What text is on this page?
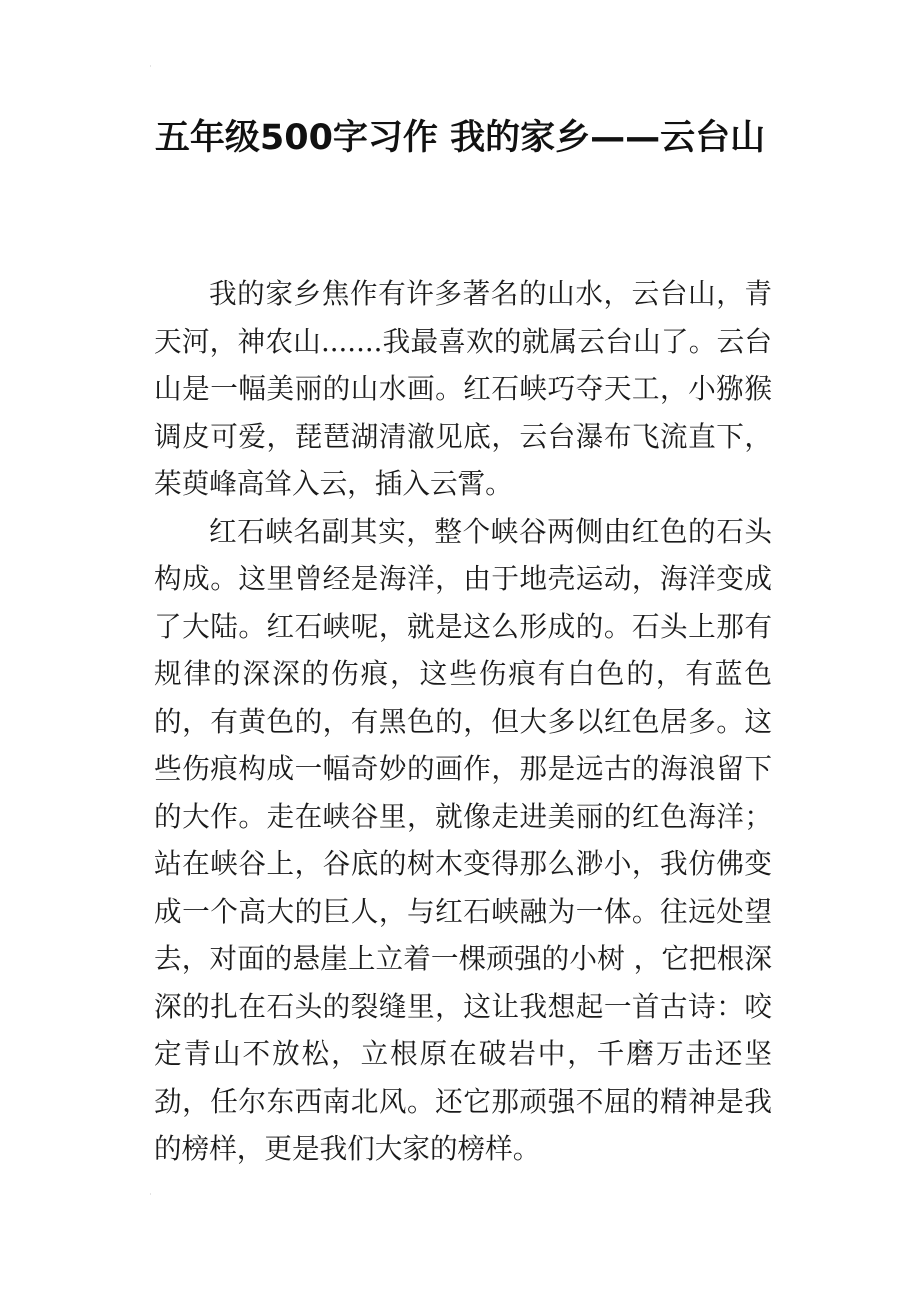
˙
五年级500字习作 我的家乡——云台山

我的家乡焦作有许多著名的山水，云台山，青天河，神农山.......我最喜欢的就属云台山了。云台山是一幅美丽的山水画。红石峡巧夺天工，小猕猴调皮可爱，琵琶湖清澈见底，云台瀑布飞流直下，茱萸峰高耸入云，插入云霄。

红石峡名副其实，整个峡谷两侧由红色的石头构成。这里曾经是海洋，由于地壳运动，海洋变成了大陆。红石峡呢，就是这么形成的。石头上那有规律的深深的伤痕，这些伤痕有白色的，有蓝色的，有黄色的，有黑色的，但大多以红色居多。这些伤痕构成一幅奇妙的画作，那是远古的海浪留下的大作。走在峡谷里，就像走进美丽的红色海洋；站在峡谷上，谷底的树木变得那么渺小，我仿佛变成一个高大的巨人，与红石峡融为一体。往远处望去，对面的悬崖上立着一棵顽强的小树 ，它把根深深的扎在石头的裂缝里，这让我想起一首古诗：咬定青山不放松，立根原在破岩中，千磨万击还坚劲，任尔东西南北风。还它那顽强不屈的精神是我的榜样，更是我们大家的榜样。

˙
